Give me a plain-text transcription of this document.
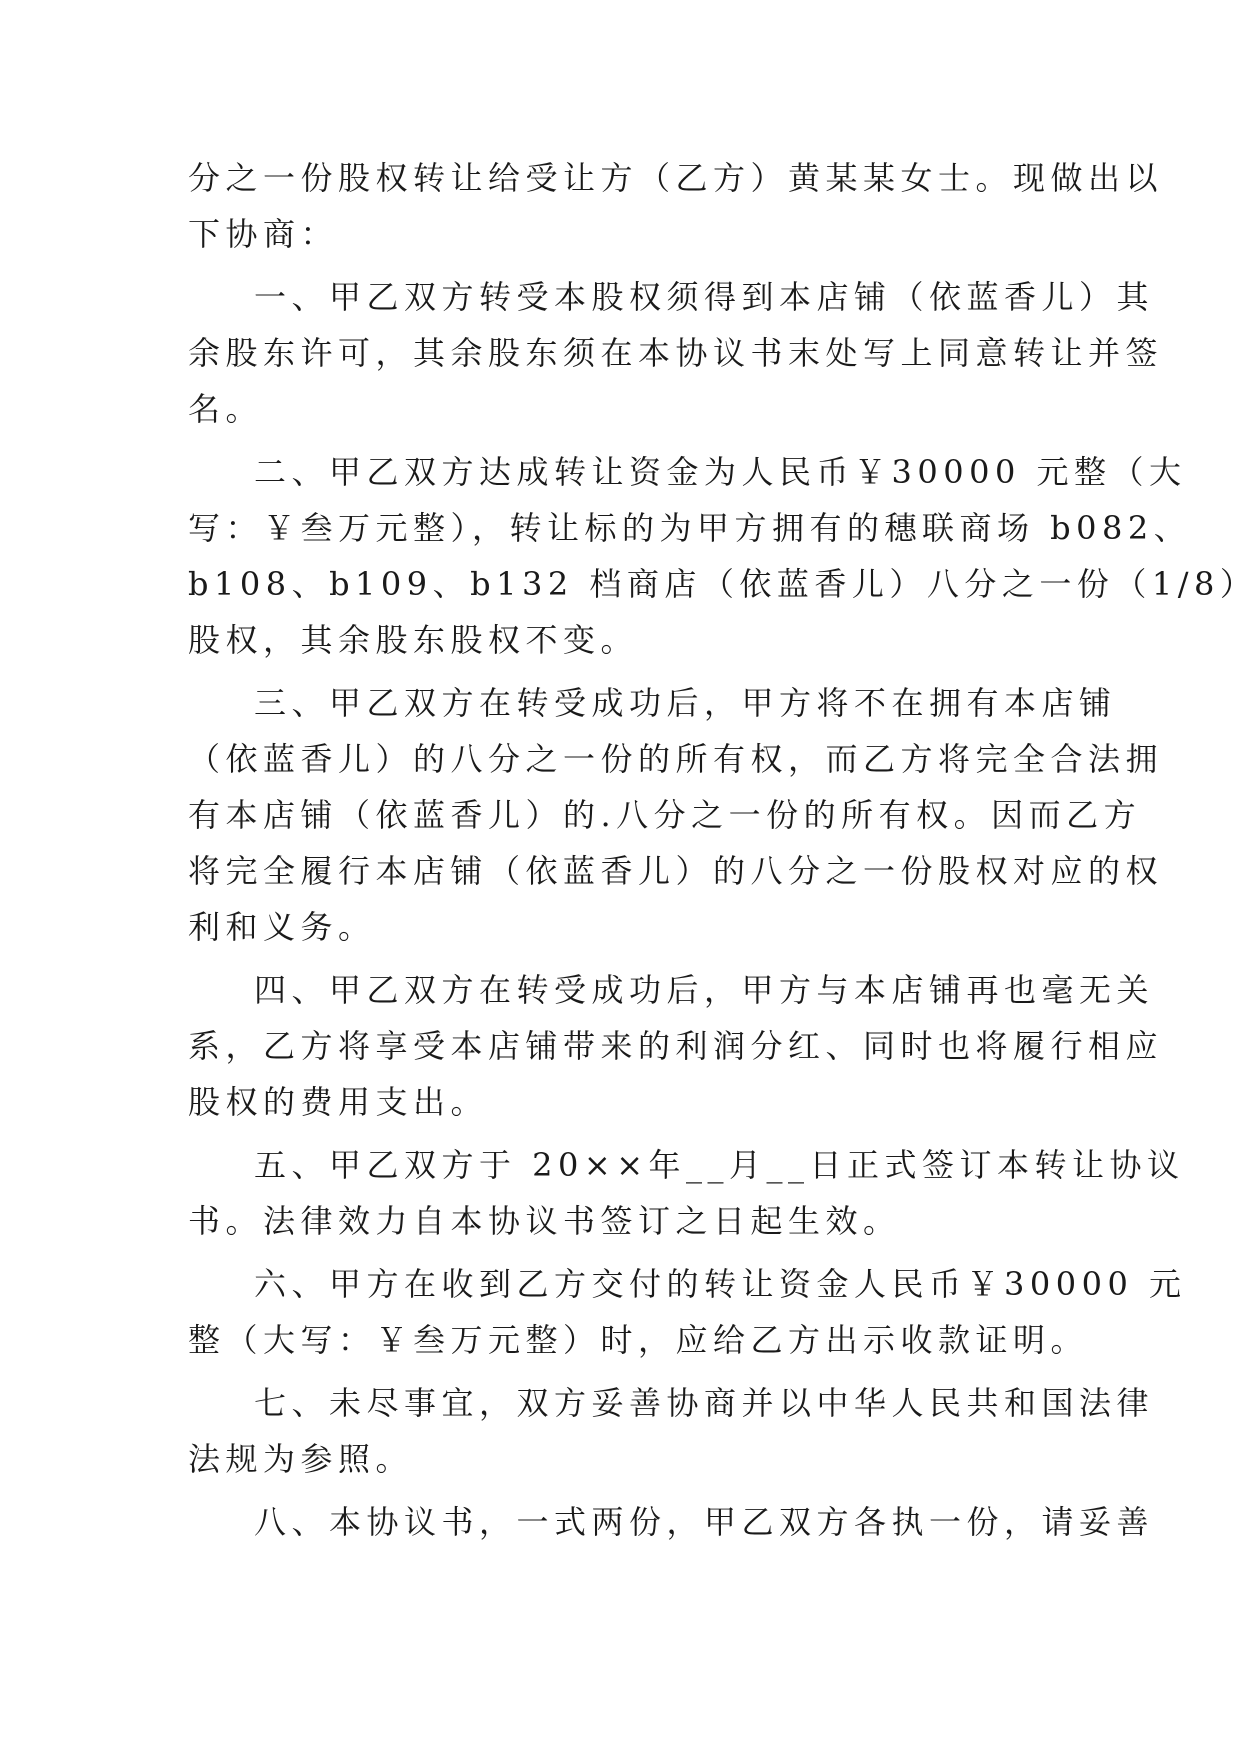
分之一份股权转让给受让方（乙方）黄某某女士。现做出以
下协商：
一、甲乙双方转受本股权须得到本店铺（依蓝香儿）其
余股东许可，其余股东须在本协议书末处写上同意转让并签
名。
二、甲乙双方达成转让资金为人民币￥30000 元整（大
写：￥叁万元整），转让标的为甲方拥有的穗联商场 b082、
b108、b109、b132 档商店（依蓝香儿）八分之一份（1/8）
股权，其余股东股权不变。
三、甲乙双方在转受成功后，甲方将不在拥有本店铺
（依蓝香儿）的八分之一份的所有权，而乙方将完全合法拥
有本店铺（依蓝香儿）的.八分之一份的所有权。因而乙方
将完全履行本店铺（依蓝香儿）的八分之一份股权对应的权
利和义务。
四、甲乙双方在转受成功后，甲方与本店铺再也毫无关
系，乙方将享受本店铺带来的利润分红、同时也将履行相应
股权的费用支出。
五、甲乙双方于 20××年__月__日正式签订本转让协议
书。法律效力自本协议书签订之日起生效。
六、甲方在收到乙方交付的转让资金人民币￥30000 元
整（大写：￥叁万元整）时，应给乙方出示收款证明。
七、未尽事宜，双方妥善协商并以中华人民共和国法律
法规为参照。
八、本协议书，一式两份，甲乙双方各执一份，请妥善
